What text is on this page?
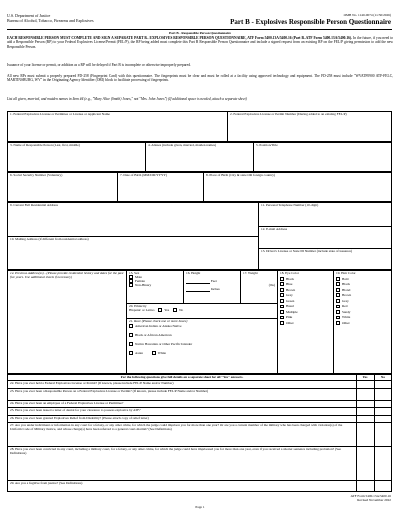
U.S. Department of Justice
Bureau of Alcohol, Tobacco, Firearms and Explosives
OMB No. 1140-0074 (11/30/2026)
Part B - Explosives Responsible Person Questionnaire
Part B - Responsible Person Questionnaire
EACH RESPONSIBLE PERSON MUST COMPLETE AND SIGN A SEPARATE PART B– EXPLOSIVES RESPONSIBLE PERSON QUESTIONNAIRE, ATF Form 5400.13A/5400.16 (Part B–ATF Form 5400.13A/5400.16). In the future, if you need to add a Responsible Person (RP) to your Federal Explosives License/Permit (FEL/P), the RP being added must complete this Part B Responsible Person Questionnaire and include a signed request from an existing RP on the FEL/P giving permission to add the new Responsible Person.
Issuance of your license or permit, or addition as a RP will be delayed if Part B is incomplete or otherwise improperly prepared.
All new RPs must submit a properly prepared FD-258 (Fingerprint Card) with this questionnaire. The fingerprints must be clear and must be rolled at a facility using approved technology and equipment. The FD-258 must include "WVATF0900 ATF-FELC, MARTINSBURG, WV" in the Originating Agency Identifier (ORI) block to facilitate processing of fingerprints.
List all given, married, and maiden names in Item #4 (e.g., "Mary Alice (Smith) Jones," not "Mrs. John Jones") (If additional space is needed, attach a separate sheet)
1. Federal Explosives License or Permittee or License or Applicant Name	2. Federal Explosives License or Permit Number (During added to an existing FEL/P)
3. Name of Responsible Person (Last, first, middle)	4. Aliases (include given, married, maiden names)	5. Position/Title
6. Social Security Number (Voluntary)	7. Date of Birth (MM/DD/YYYY)	8. Place of Birth (City & state OR foreign country)
9. Current Full Residential Address
10. Mailing Address (if different from residential address)
11. Personal Telephone Number (10-digit)
12. E-mail Address
13. Driver's License or State ID Number (include state of issuance)
14. Previous Address(es) - (Please provide residential history and dates for the past five years. Use additional sheets if necessary)
15. Sex
Male
Female
Non-Binary
16. Height
Feet
Inches
17. Weight
(lbs)
18. Eye Color
Black
Blue
Brown
Gray
Green
Hazel
Multiple
Pink
Other
19. Hair Color
Bald
Black
Blond
Brown
Gray
Red
Sandy
White
Other
20. Ethnicity
Hispanic or Latino	Yes	No
21. Race (Please check one or more boxes)
American Indian or Alaska Native
Black or African American
Native Hawaiian or Other Pacific Islander
Asian	White
For the following questions give full details on a separate sheet for all "Yes" answers.	Yes	No
22. Have you ever held a Federal Explosives License or Permit? (If known, please include FEL/P Name and/or Number)
23. Have you ever been a Responsible Person on a Federal Explosives License or Permit? (If known, please include FEL/P Name and/or Number)
24. Have you ever been an employee of a Federal Explosives License or Permittee?
25. Have you ever been issued a letter of denial for your clearance to possess explosive by ATF?
26. Have you ever been granted Explosives Relief from Disability? (Please attach copy of relief letter)
27. Are you under indictment or information in any court for a felony, or any other crime, for which the judge could imprison you for more than one year? Or are you a current member of the military who has been charged with violation(s) of the Uniform Code of Military Justice, and whose charge(s) have been referred to a general court-martial? (See Definitions)
28. Have you ever been convicted in any court, including a military court, for a felony, or any other crime, for which the judge could have imprisoned you for more than one year, even if you received a shorter sentence including probation? (See Definitions)
29. Are you a fugitive from justice? (See Definitions)
Page 1
ATF Form 5400.13A/5400.16
Revised November 2022
